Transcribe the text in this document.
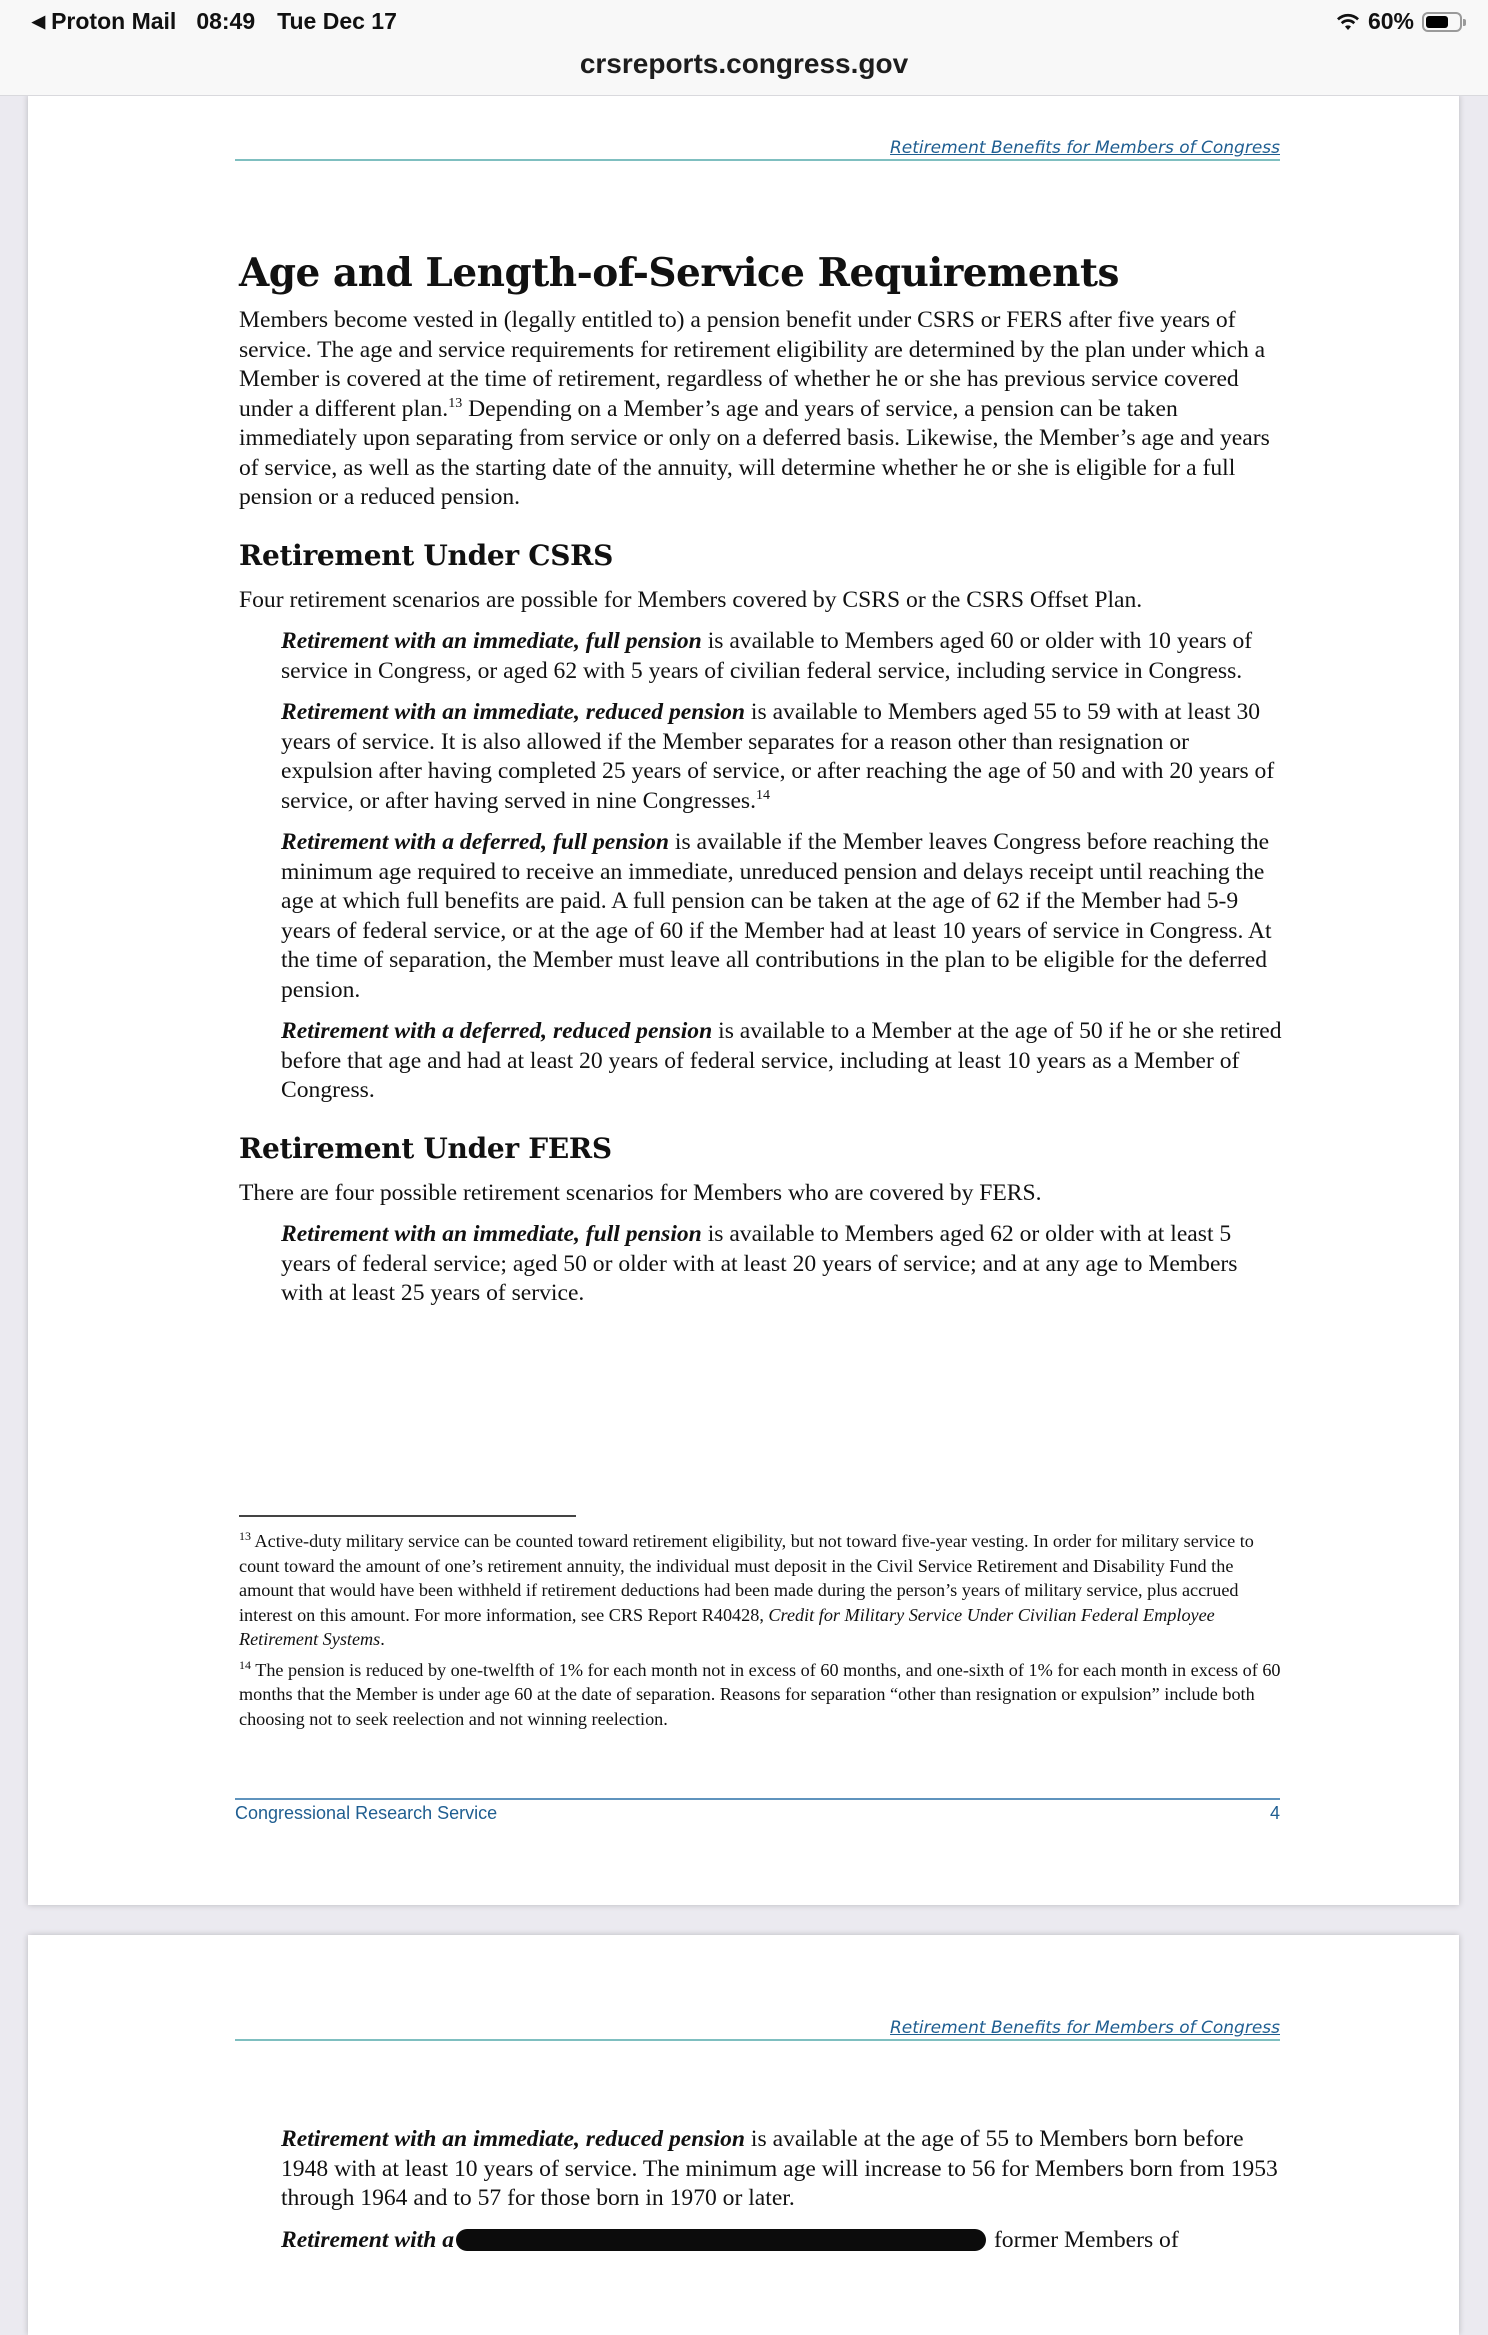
◀ Proton Mail 08:49 Tue Dec 17	60%
crsreports.congress.gov
Retirement Benefits for Members of Congress
Age and Length-of-Service Requirements

Members become vested in (legally entitled to) a pension benefit under CSRS or FERS after five years of service. The age and service requirements for retirement eligibility are determined by the plan under which a Member is covered at the time of retirement, regardless of whether he or she has previous service covered under a different plan.$^{13}$ Depending on a Member’s age and years of service, a pension can be taken immediately upon separating from service or only on a deferred basis. Likewise, the Member’s age and years of service, as well as the starting date of the annuity, will determine whether he or she is eligible for a full pension or a reduced pension.

Retirement Under CSRS

Four retirement scenarios are possible for Members covered by CSRS or the CSRS Offset Plan.

Retirement with an immediate, full pension is available to Members aged 60 or older with 10 years of service in Congress, or aged 62 with 5 years of civilian federal service, including service in Congress.

Retirement with an immediate, reduced pension is available to Members aged 55 to 59 with at least 30 years of service. It is also allowed if the Member separates for a reason other than resignation or expulsion after having completed 25 years of service, or after reaching the age of 50 and with 20 years of service, or after having served in nine Congresses.$^{14}$

Retirement with a deferred, full pension is available if the Member leaves Congress before reaching the minimum age required to receive an immediate, unreduced pension and delays receipt until reaching the age at which full benefits are paid. A full pension can be taken at the age of 62 if the Member had 5-9 years of federal service, or at the age of 60 if the Member had at least 10 years of service in Congress. At the time of separation, the Member must leave all contributions in the plan to be eligible for the deferred pension.

Retirement with a deferred, reduced pension is available to a Member at the age of 50 if he or she retired before that age and had at least 20 years of federal service, including at least 10 years as a Member of Congress.

Retirement Under FERS

There are four possible retirement scenarios for Members who are covered by FERS.

Retirement with an immediate, full pension is available to Members aged 62 or older with at least 5 years of federal service; aged 50 or older with at least 20 years of service; and at any age to Members with at least 25 years of service.

$^{13}$ Active-duty military service can be counted toward retirement eligibility, but not toward five-year vesting. In order for military service to count toward the amount of one’s retirement annuity, the individual must deposit in the Civil Service Retirement and Disability Fund the amount that would have been withheld if retirement deductions had been made during the person’s years of military service, plus accrued interest on this amount. For more information, see CRS Report R40428, Credit for Military Service Under Civilian Federal Employee Retirement Systems.

$^{14}$ The pension is reduced by one-twelfth of 1% for each month not in excess of 60 months, and one-sixth of 1% for each month in excess of 60 months that the Member is under age 60 at the date of separation. Reasons for separation “other than resignation or expulsion” include both choosing not to seek reelection and not winning reelection.

Congressional Research Service	4
Retirement Benefits for Members of Congress

Retirement with an immediate, reduced pension is available at the age of 55 to Members born before 1948 with at least 10 years of service. The minimum age will increase to 56 for Members born from 1953 through 1964 and to 57 for those born in 1970 or later.

Retirement with a	former Members of
